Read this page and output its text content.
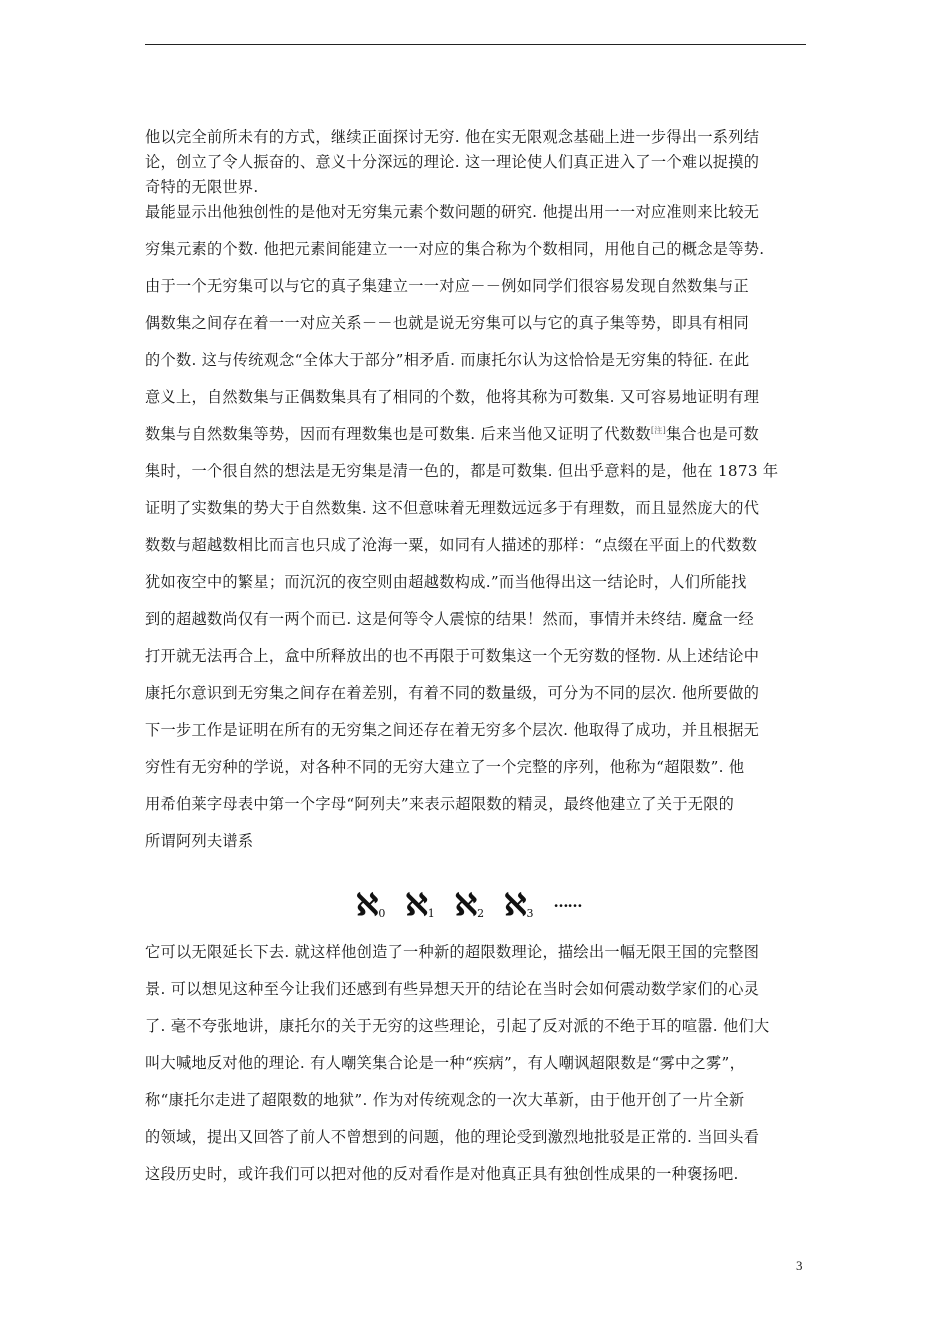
他以完全前所未有的方式，继续正面探讨无穷. 他在实无限观念基础上进一步得出一系列结
论，创立了令人振奋的、意义十分深远的理论. 这一理论使人们真正进入了一个难以捉摸的
奇特的无限世界.
最能显示出他独创性的是他对无穷集元素个数问题的研究. 他提出用一一对应准则来比较无
穷集元素的个数. 他把元素间能建立一一对应的集合称为个数相同，用他自己的概念是等势.
由于一个无穷集可以与它的真子集建立一一对应－－例如同学们很容易发现自然数集与正
偶数集之间存在着一一对应关系－－也就是说无穷集可以与它的真子集等势，即具有相同
的个数. 这与传统观念“全体大于部分”相矛盾. 而康托尔认为这恰恰是无穷集的特征. 在此
意义上，自然数集与正偶数集具有了相同的个数，他将其称为可数集. 又可容易地证明有理
数集与自然数集等势，因而有理数集也是可数集. 后来当他又证明了代数数[注]集合也是可数
集时，一个很自然的想法是无穷集是清一色的，都是可数集. 但出乎意料的是，他在 1873 年
证明了实数集的势大于自然数集. 这不但意味着无理数远远多于有理数，而且显然庞大的代
数数与超越数相比而言也只成了沧海一粟，如同有人描述的那样：“点缀在平面上的代数数
犹如夜空中的繁星；而沉沉的夜空则由超越数构成.”而当他得出这一结论时，人们所能找
到的超越数尚仅有一两个而已. 这是何等令人震惊的结果！然而，事情并未终结. 魔盒一经
打开就无法再合上，盒中所释放出的也不再限于可数集这一个无穷数的怪物. 从上述结论中
康托尔意识到无穷集之间存在着差别，有着不同的数量级，可分为不同的层次. 他所要做的
下一步工作是证明在所有的无穷集之间还存在着无穷多个层次. 他取得了成功，并且根据无
穷性有无穷种的学说，对各种不同的无穷大建立了一个完整的序列，他称为“超限数”. 他
用希伯莱字母表中第一个字母“阿列夫”来表示超限数的精灵，最终他建立了关于无限的
所谓阿列夫谱系
ℵ$_0$ ℵ$_1$ ℵ$_2$ ℵ$_3$……
它可以无限延长下去. 就这样他创造了一种新的超限数理论，描绘出一幅无限王国的完整图
景. 可以想见这种至今让我们还感到有些异想天开的结论在当时会如何震动数学家们的心灵
了. 毫不夸张地讲，康托尔的关于无穷的这些理论，引起了反对派的不绝于耳的喧嚣. 他们大
叫大喊地反对他的理论. 有人嘲笑集合论是一种“疾病”，有人嘲讽超限数是“雾中之雾”，
称“康托尔走进了超限数的地狱”. 作为对传统观念的一次大革新，由于他开创了一片全新
的领域，提出又回答了前人不曾想到的问题，他的理论受到激烈地批驳是正常的. 当回头看
这段历史时，或许我们可以把对他的反对看作是对他真正具有独创性成果的一种褒扬吧.
3
